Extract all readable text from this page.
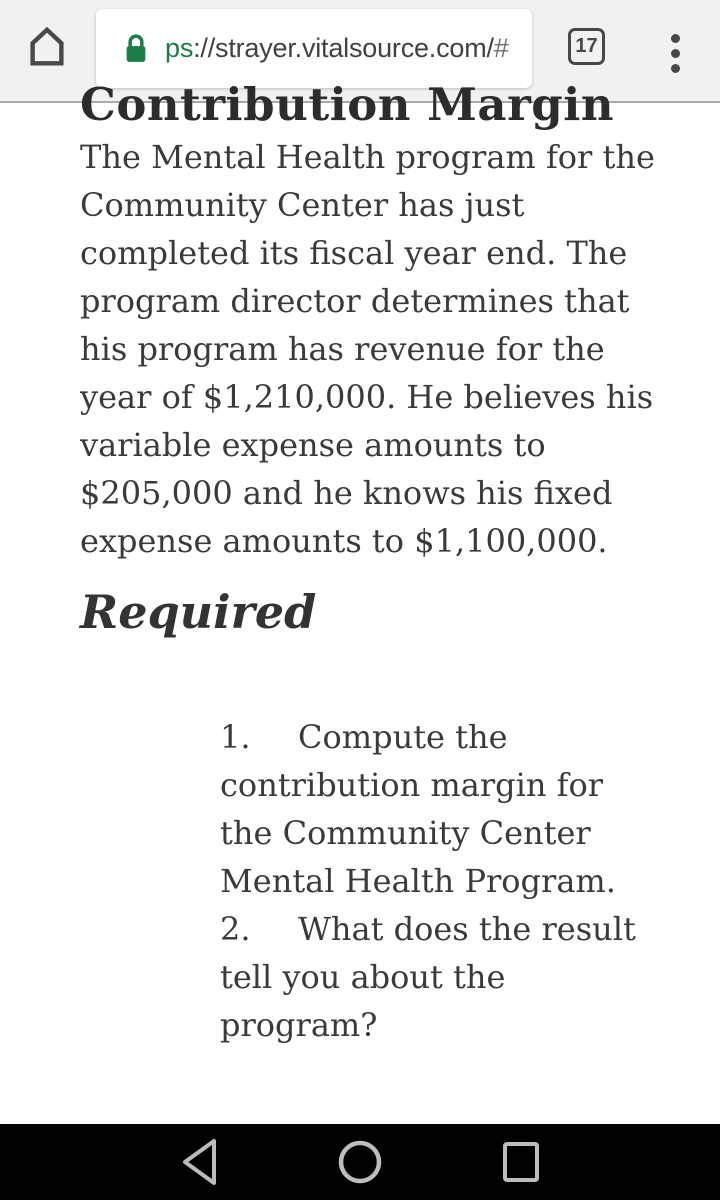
ps://strayer.vitalsource.com/#	17
Contribution Margin
The Mental Health program for the
Community Center has just
completed its fiscal year end. The
program director determines that
his program has revenue for the
year of $1,210,000. He believes his
variable expense amounts to
$205,000 and he knows his fixed
expense amounts to $1,100,000.
Required
1. Compute the
contribution margin for
the Community Center
Mental Health Program.
2. What does the result
tell you about the
program?
